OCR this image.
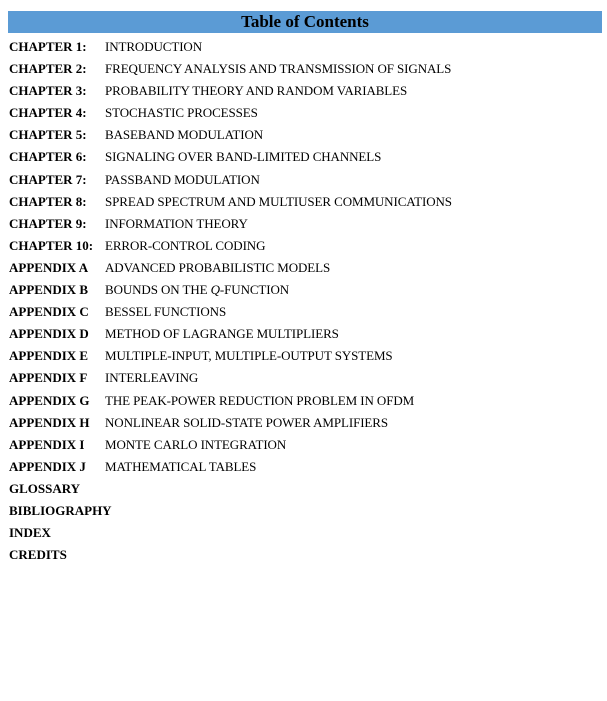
Table of Contents
CHAPTER 1: INTRODUCTION
CHAPTER 2: FREQUENCY ANALYSIS AND TRANSMISSION OF SIGNALS
CHAPTER 3: PROBABILITY THEORY AND RANDOM VARIABLES
CHAPTER 4: STOCHASTIC PROCESSES
CHAPTER 5: BASEBAND MODULATION
CHAPTER 6: SIGNALING OVER BAND-LIMITED CHANNELS
CHAPTER 7: PASSBAND MODULATION
CHAPTER 8: SPREAD SPECTRUM AND MULTIUSER COMMUNICATIONS
CHAPTER 9: INFORMATION THEORY
CHAPTER 10: ERROR-CONTROL CODING
APPENDIX A ADVANCED PROBABILISTIC MODELS
APPENDIX B BOUNDS ON THE Q-FUNCTION
APPENDIX C BESSEL FUNCTIONS
APPENDIX D METHOD OF LAGRANGE MULTIPLIERS
APPENDIX E MULTIPLE-INPUT, MULTIPLE-OUTPUT SYSTEMS
APPENDIX F INTERLEAVING
APPENDIX G THE PEAK-POWER REDUCTION PROBLEM IN OFDM
APPENDIX H NONLINEAR SOLID-STATE POWER AMPLIFIERS
APPENDIX I MONTE CARLO INTEGRATION
APPENDIX J MATHEMATICAL TABLES
GLOSSARY
BIBLIOGRAPHY
INDEX
CREDITS
